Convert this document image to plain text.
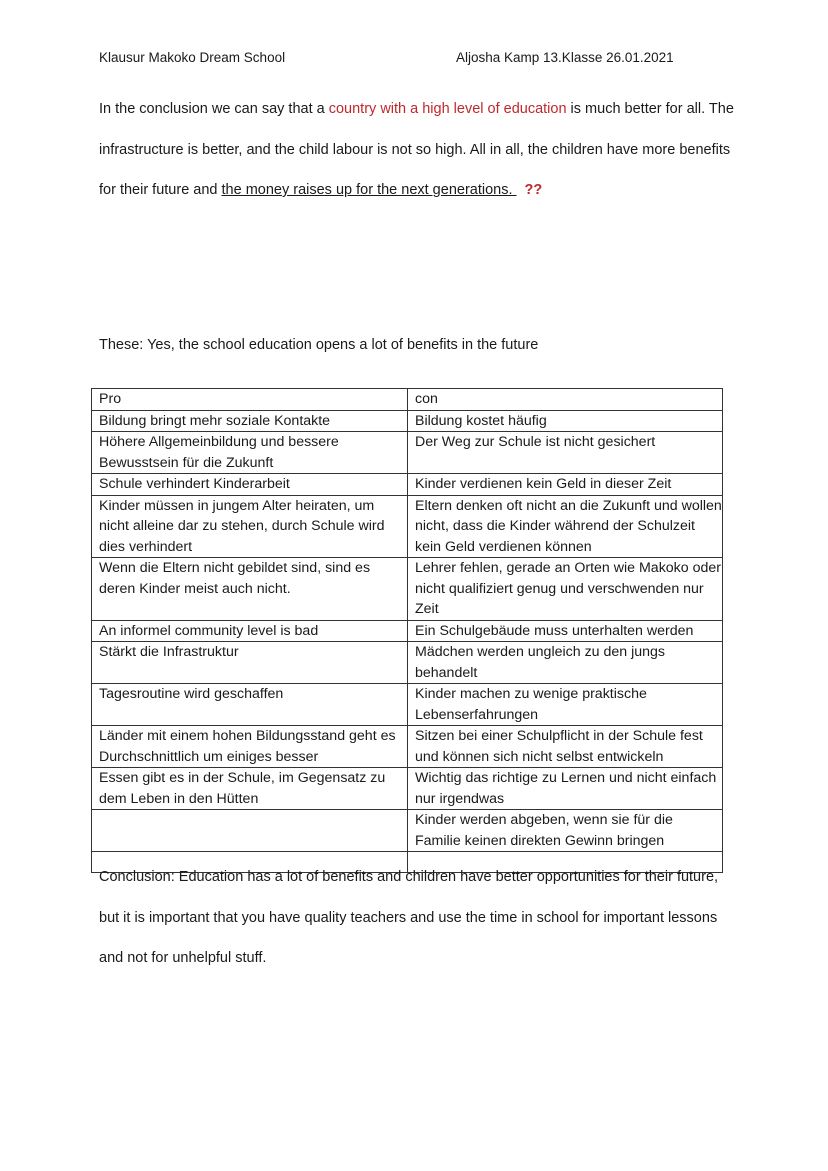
Klausur Makoko Dream School	Aljosha Kamp 13.Klasse 26.01.2021
In the conclusion we can say that a country with a high level of education is much better for all. The infrastructure is better, and the child labour is not so high. All in all, the children have more benefits for their future and the money raises up for the next generations. ??
These: Yes, the school education opens a lot of benefits in the future
Pro	con
Bildung bringt mehr soziale Kontakte	Bildung kostet häufig
Höhere Allgemeinbildung und bessere Bewusstsein für die Zukunft	Der Weg zur Schule ist nicht gesichert
Schule verhindert Kinderarbeit	Kinder verdienen kein Geld in dieser Zeit
Kinder müssen in jungem Alter heiraten, um nicht alleine dar zu stehen, durch Schule wird dies verhindert	Eltern denken oft nicht an die Zukunft und wollen nicht, dass die Kinder während der Schulzeit kein Geld verdienen können
Wenn die Eltern nicht gebildet sind, sind es deren Kinder meist auch nicht.	Lehrer fehlen, gerade an Orten wie Makoko oder nicht qualifiziert genug und verschwenden nur Zeit
An informel community level is bad	Ein Schulgebäude muss unterhalten werden
Stärkt die Infrastruktur	Mädchen werden ungleich zu den jungs behandelt
Tagesroutine wird geschaffen	Kinder machen zu wenige praktische Lebenserfahrungen
Länder mit einem hohen Bildungsstand geht es Durchschnittlich um einiges besser	Sitzen bei einer Schulpflicht in der Schule fest und können sich nicht selbst entwickeln
Essen gibt es in der Schule, im Gegensatz zu dem Leben in den Hütten	Wichtig das richtige zu Lernen und nicht einfach nur irgendwas
	Kinder werden abgeben, wenn sie für die Familie keinen direkten Gewinn bringen

Conclusion: Education has a lot of benefits and children have better opportunities for their future, but it is important that you have quality teachers and use the time in school for important lessons and not for unhelpful stuff.
